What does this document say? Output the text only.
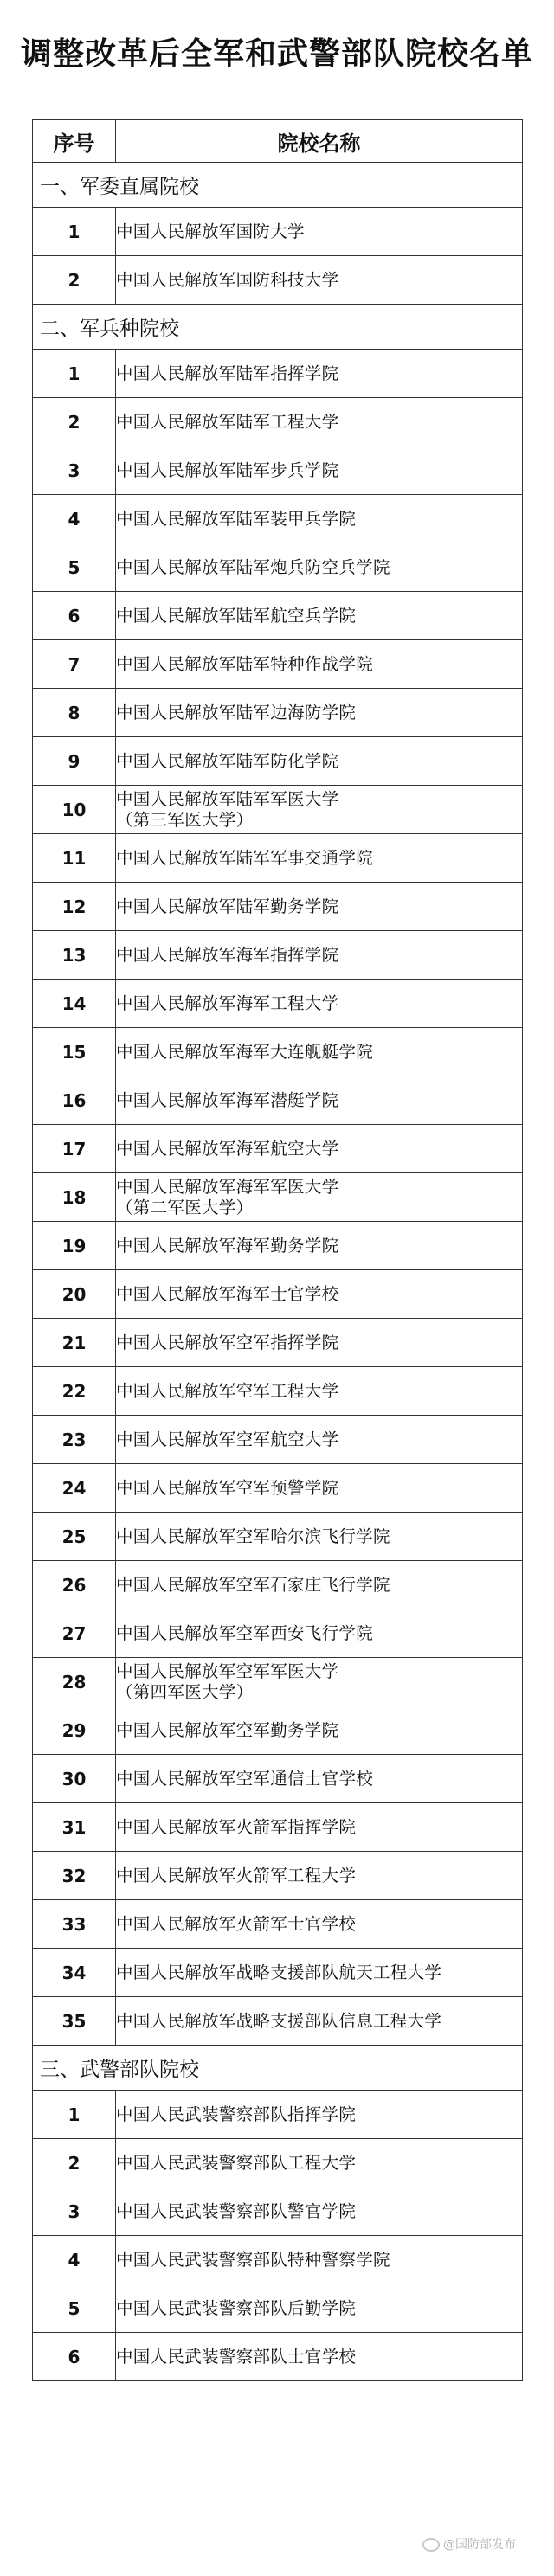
调整改革后全军和武警部队院校名单
序号	院校名称
一、军委直属院校	
1	中国人民解放军国防大学

2	中国人民解放军国防科技大学

二、军兵种院校	
1	中国人民解放军陆军指挥学院

2	中国人民解放军陆军工程大学

3	中国人民解放军陆军步兵学院

4	中国人民解放军陆军装甲兵学院

5	中国人民解放军陆军炮兵防空兵学院

6	中国人民解放军陆军航空兵学院

7	中国人民解放军陆军特种作战学院

8	中国人民解放军陆军边海防学院

9	中国人民解放军陆军防化学院

10	中国人民解放军陆军军医大学
（第三军医大学）

11	中国人民解放军陆军军事交通学院

12	中国人民解放军陆军勤务学院

13	中国人民解放军海军指挥学院

14	中国人民解放军海军工程大学

15	中国人民解放军海军大连舰艇学院

16	中国人民解放军海军潜艇学院

17	中国人民解放军海军航空大学

18	中国人民解放军海军军医大学
（第二军医大学）

19	中国人民解放军海军勤务学院

20	中国人民解放军海军士官学校

21	中国人民解放军空军指挥学院

22	中国人民解放军空军工程大学

23	中国人民解放军空军航空大学

24	中国人民解放军空军预警学院

25	中国人民解放军空军哈尔滨飞行学院

26	中国人民解放军空军石家庄飞行学院

27	中国人民解放军空军西安飞行学院

28	中国人民解放军空军军医大学
（第四军医大学）

29	中国人民解放军空军勤务学院

30	中国人民解放军空军通信士官学校

31	中国人民解放军火箭军指挥学院

32	中国人民解放军火箭军工程大学

33	中国人民解放军火箭军士官学校

34	中国人民解放军战略支援部队航天工程大学

35	中国人民解放军战略支援部队信息工程大学

三、武警部队院校	
1	中国人民武装警察部队指挥学院

2	中国人民武装警察部队工程大学

3	中国人民武装警察部队警官学院

4	中国人民武装警察部队特种警察学院

5	中国人民武装警察部队后勤学院

6	中国人民武装警察部队士官学校
@国防部发布
